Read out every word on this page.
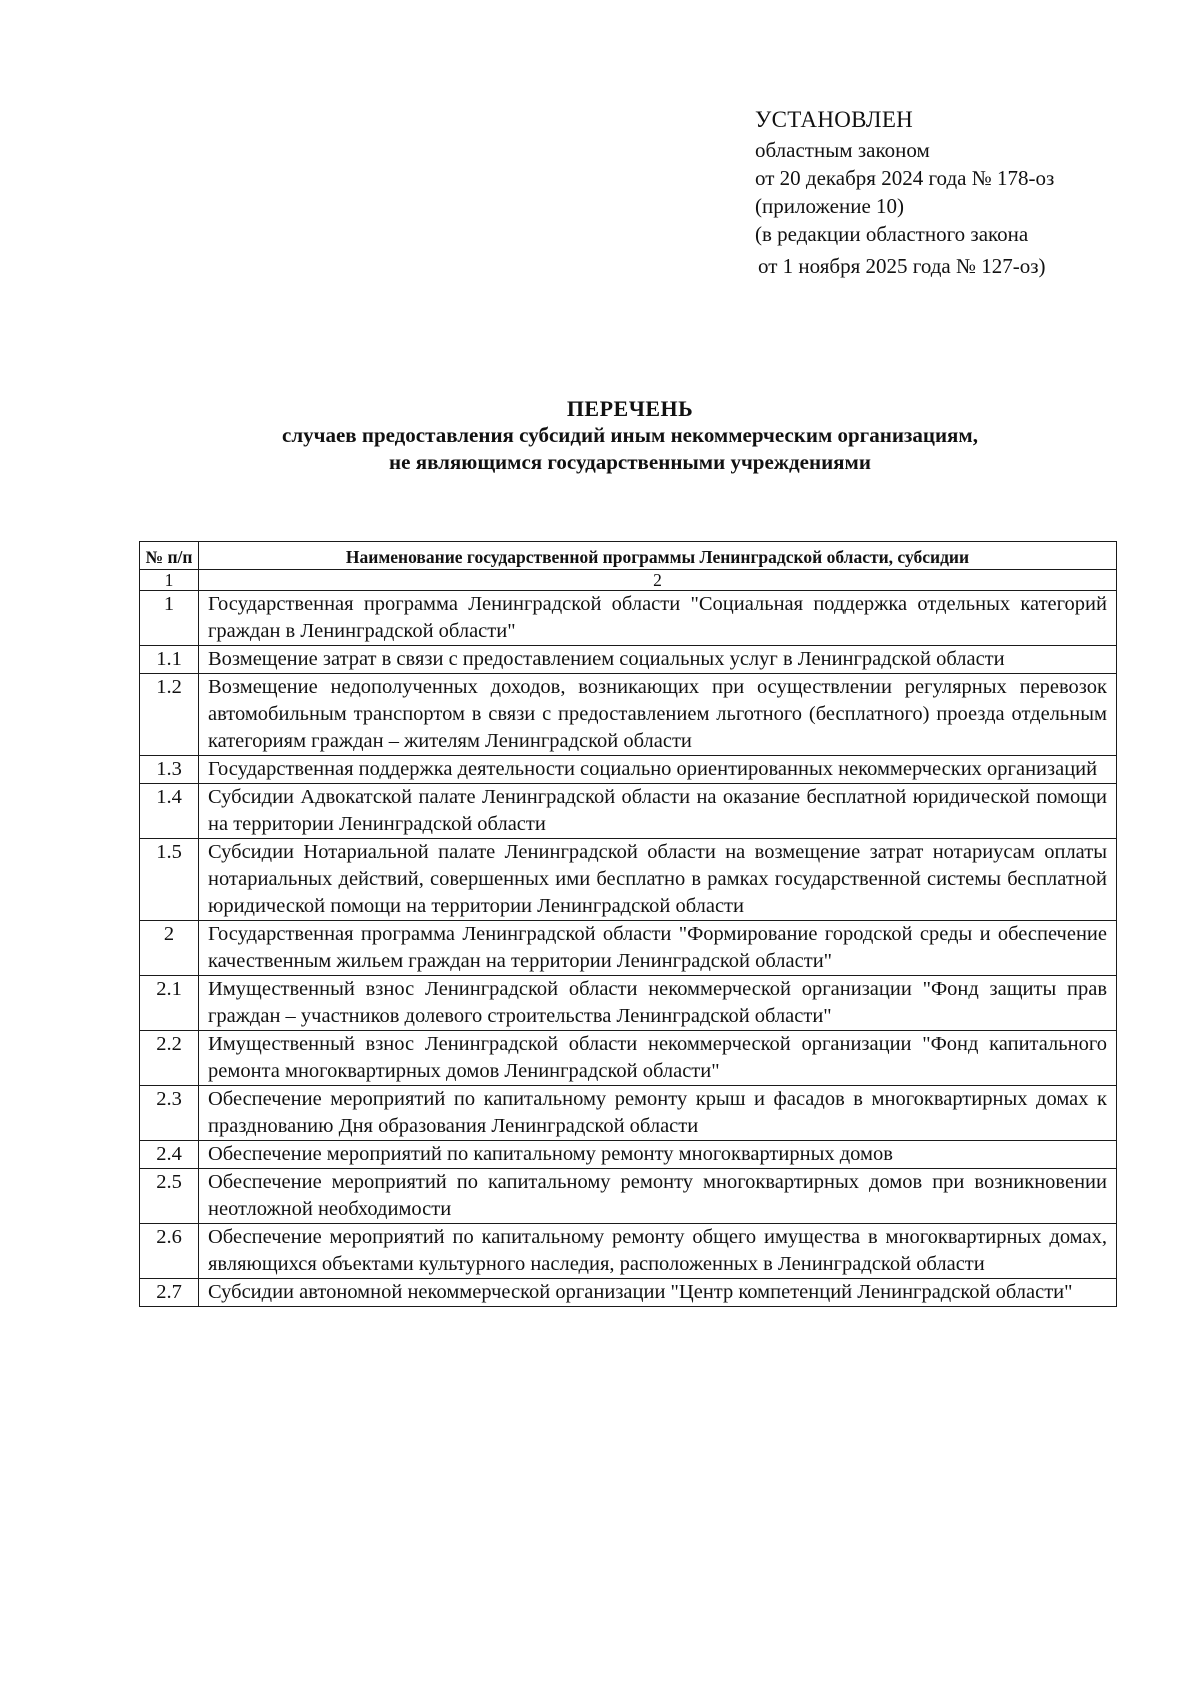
УСТАНОВЛЕН
областным законом
от 20 декабря 2024 года № 178-оз
(приложение 10)
(в редакции областного закона
от 1 ноября 2025 года № 127-оз)
ПЕРЕЧЕНЬ
случаев предоставления субсидий иным некоммерческим организациям,
не являющимся государственными учреждениями
№ п/п	Наименование государственной программы Ленинградской области, субсидии
1	2
1	Государственная программа Ленинградской области "Социальная поддержка отдельных категорий граждан в Ленинградской области"
1.1	Возмещение затрат в связи с предоставлением социальных услуг в Ленинградской области
1.2	Возмещение недополученных доходов, возникающих при осуществлении регулярных перевозок автомобильным транспортом в связи с предоставлением льготного (бесплатного) проезда отдельным категориям граждан – жителям Ленинградской области
1.3	Государственная поддержка деятельности социально ориентированных некоммерческих организаций
1.4	Субсидии Адвокатской палате Ленинградской области на оказание бесплатной юридической помощи на территории Ленинградской области
1.5	Субсидии Нотариальной палате Ленинградской области на возмещение затрат нотариусам оплаты нотариальных действий, совершенных ими бесплатно в рамках государственной системы бесплатной юридической помощи на территории Ленинградской области
2	Государственная программа Ленинградской области "Формирование городской среды и обеспечение качественным жильем граждан на территории Ленинградской области"
2.1	Имущественный взнос Ленинградской области некоммерческой организации "Фонд защиты прав граждан – участников долевого строительства Ленинградской области"
2.2	Имущественный взнос Ленинградской области некоммерческой организации "Фонд капитального ремонта многоквартирных домов Ленинградской области"
2.3	Обеспечение мероприятий по капитальному ремонту крыш и фасадов в многоквартирных домах к празднованию Дня образования Ленинградской области
2.4	Обеспечение мероприятий по капитальному ремонту многоквартирных домов
2.5	Обеспечение мероприятий по капитальному ремонту многоквартирных домов при возникновении неотложной необходимости
2.6	Обеспечение мероприятий по капитальному ремонту общего имущества в многоквартирных домах, являющихся объектами культурного наследия, расположенных в Ленинградской области
2.7	Субсидии автономной некоммерческой организации "Центр компетенций Ленинградской области"
